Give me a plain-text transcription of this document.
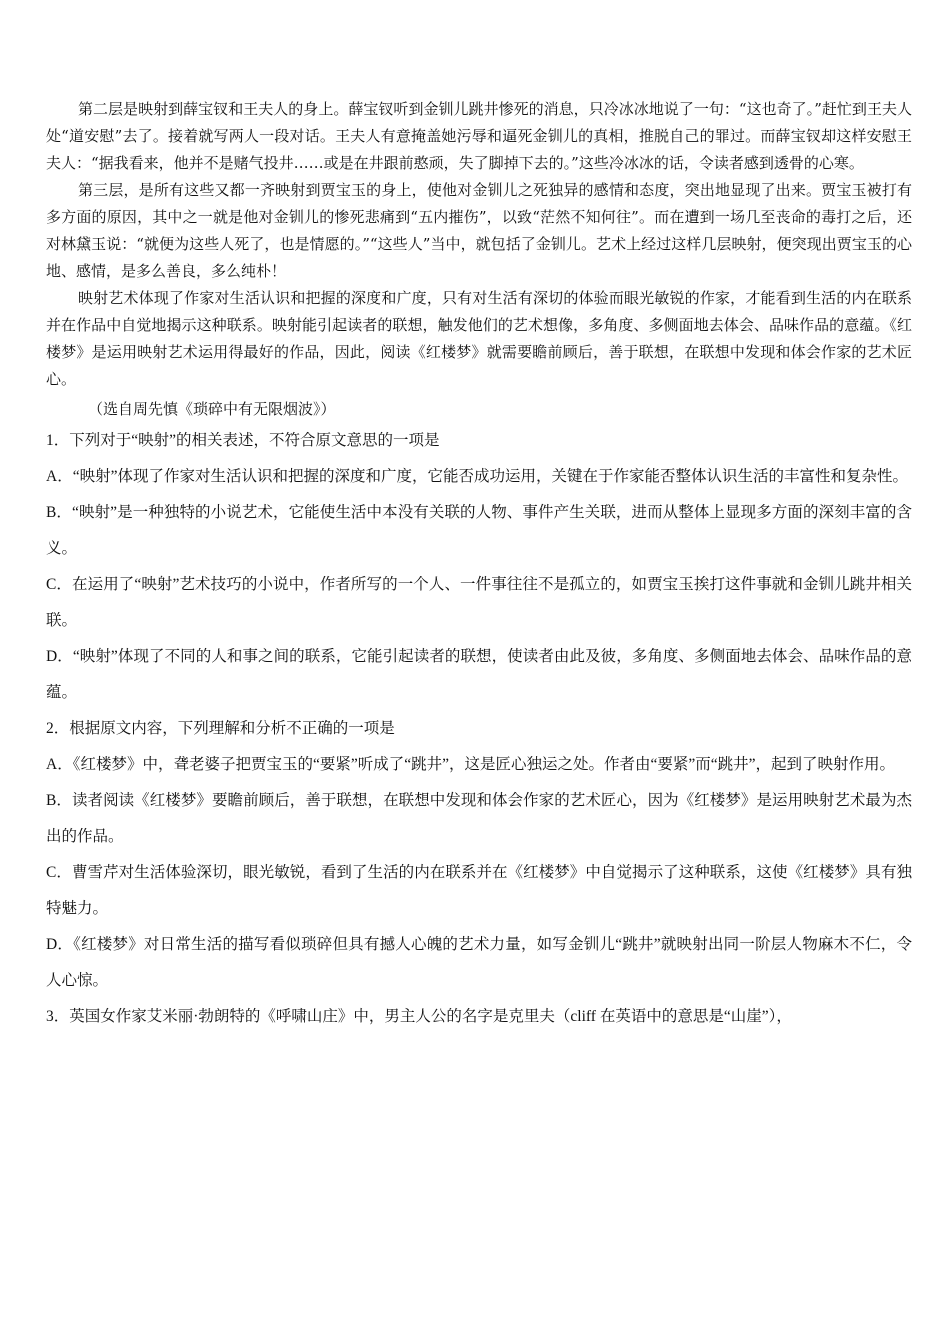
第二层是映射到薛宝钗和王夫人的身上。薛宝钗听到金钏儿跳井惨死的消息，只冷冰冰地说了一句：“这也奇了。”赶忙到王夫人处“道安慰”去了。接着就写两人一段对话。王夫人有意掩盖她污辱和逼死金钏儿的真相，推脱自己的罪过。而薛宝钗却这样安慰王夫人：“据我看来，他并不是赌气投井……或是在井跟前憨顽，失了脚掉下去的。”这些冷冰冰的话，令读者感到透骨的心寒。

第三层，是所有这些又都一齐映射到贾宝玉的身上，使他对金钏儿之死独异的感情和态度，突出地显现了出来。贾宝玉被打有多方面的原因，其中之一就是他对金钏儿的惨死悲痛到“五内摧伤”，以致“茫然不知何往”。而在遭到一场几至丧命的毒打之后，还对林黛玉说：“就便为这些人死了，也是情愿的。”“这些人”当中，就包括了金钏儿。艺术上经过这样几层映射，便突现出贾宝玉的心地、感情，是多么善良，多么纯朴！

映射艺术体现了作家对生活认识和把握的深度和广度，只有对生活有深切的体验而眼光敏锐的作家，才能看到生活的内在联系并在作品中自觉地揭示这种联系。映射能引起读者的联想，触发他们的艺术想像，多角度、多侧面地去体会、品味作品的意蕴。《红楼梦》是运用映射艺术运用得最好的作品，因此，阅读《红楼梦》就需要瞻前顾后，善于联想，在联想中发现和体会作家的艺术匠心。

（选自周先慎《琐碎中有无限烟波》）

1．下列对于“映射”的相关表述，不符合原文意思的一项是

A．“映射”体现了作家对生活认识和把握的深度和广度，它能否成功运用，关键在于作家能否整体认识生活的丰富性和复杂性。

B．“映射”是一种独特的小说艺术，它能使生活中本没有关联的人物、事件产生关联，进而从整体上显现多方面的深刻丰富的含义。

C．在运用了“映射”艺术技巧的小说中，作者所写的一个人、一件事往往不是孤立的，如贾宝玉挨打这件事就和金钏儿跳井相关联。

D．“映射”体现了不同的人和事之间的联系，它能引起读者的联想，使读者由此及彼，多角度、多侧面地去体会、品味作品的意蕴。

2．根据原文内容，下列理解和分析不正确的一项是

A．《红楼梦》中，聋老婆子把贾宝玉的“要紧”听成了“跳井”，这是匠心独运之处。作者由“要紧”而“跳井”，起到了映射作用。

B．读者阅读《红楼梦》要瞻前顾后，善于联想，在联想中发现和体会作家的艺术匠心，因为《红楼梦》是运用映射艺术最为杰出的作品。

C．曹雪芹对生活体验深切，眼光敏锐，看到了生活的内在联系并在《红楼梦》中自觉揭示了这种联系，这使《红楼梦》具有独特魅力。

D．《红楼梦》对日常生活的描写看似琐碎但具有撼人心魄的艺术力量，如写金钏儿“跳井”就映射出同一阶层人物麻木不仁，令人心惊。

3．英国女作家艾米丽·勃朗特的《呼啸山庄》中，男主人公的名字是克里夫（cliff 在英语中的意思是“山崖”），
